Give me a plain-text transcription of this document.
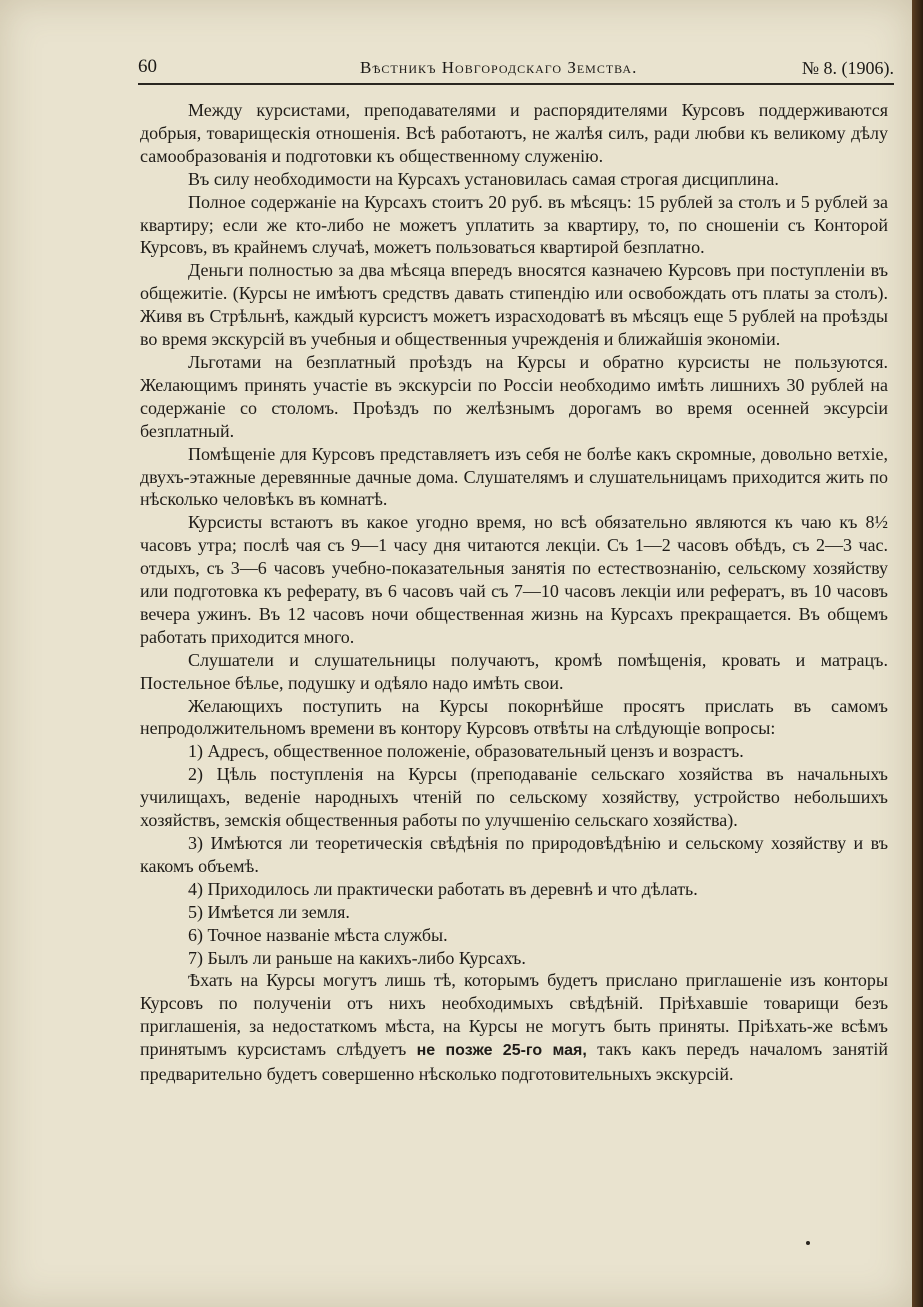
60	Вѣстникъ Новгородскаго Земства.	№ 8. (1906).

Между курсистами, преподавателями и распорядителями Курсовъ поддерживаются добрыя, товарищескія отношенія. Всѣ работаютъ, не жалѣя силъ, ради любви къ великому дѣлу самообразованія и подготовки къ общественному служенію.

Въ силу необходимости на Курсахъ установилась самая строгая дисциплина.

Полное содержаніе на Курсахъ стоитъ 20 руб. въ мѣсяцъ: 15 рублей за столъ и 5 рублей за квартиру; если же кто-либо не можетъ уплатить за квартиру, то, по сношеніи съ Конторой Курсовъ, въ крайнемъ случаѣ, можетъ пользоваться квартирой безплатно.

Деньги полностью за два мѣсяца впередъ вносятся казначею Курсовъ при поступленіи въ общежитіе. (Курсы не имѣютъ средствъ давать стипендію или освобождать отъ платы за столъ). Живя въ Стрѣльнѣ, каждый курсистъ можетъ израсходоватѣ въ мѣсяцъ еще 5 рублей на проѣзды во время экскурсій въ учебныя и общественныя учрежденія и ближайшія экономіи.

Льготами на безплатный проѣздъ на Курсы и обратно курсисты не пользуются. Желающимъ принять участіе въ экскурсіи по Россіи необходимо имѣть лишнихъ 30 рублей на содержаніе со столомъ. Проѣздъ по желѣзнымъ дорогамъ во время осенней эксурсіи безплатный.

Помѣщеніе для Курсовъ представляетъ изъ себя не болѣе какъ скромные, довольно ветхіе, двухъ-этажные деревянные дачные дома. Слушателямъ и слушательницамъ приходится жить по нѣсколько человѣкъ въ комнатѣ.

Курсисты встаютъ въ какое угодно время, но всѣ обязательно являются къ чаю къ 8½ часовъ утра; послѣ чая съ 9—1 часу дня читаются лекціи. Съ 1—2 часовъ обѣдъ, съ 2—3 час. отдыхъ, съ 3—6 часовъ учебно-показательныя занятія по естествознанію, сельскому хозяйству или подготовка къ реферату, въ 6 часовъ чай съ 7—10 часовъ лекціи или рефератъ, въ 10 часовъ вечера ужинъ. Въ 12 часовъ ночи общественная жизнь на Курсахъ прекращается. Въ общемъ работать приходится много.

Слушатели и слушательницы получаютъ, кромѣ помѣщенія, кровать и матрацъ. Постельное бѣлье, подушку и одѣяло надо имѣть свои.

Желающихъ поступить на Курсы покорнѣйше просятъ прислать въ самомъ непродолжительномъ времени въ контору Курсовъ отвѣты на слѣдующіе вопросы:

1) Адресъ, общественное положеніе, образовательный цензъ и возрастъ.

2) Цѣль поступленія на Курсы (преподаваніе сельскаго хозяйства въ начальныхъ училищахъ, веденіе народныхъ чтеній по сельскому хозяйству, устройство небольшихъ хозяйствъ, земскія общественныя работы по улучшенію сельскаго хозяйства).

3) Имѣются ли теоретическія свѣдѣнія по природовѣдѣнію и сельскому хозяйству и въ какомъ объемѣ.

4) Приходилось ли практически работать въ деревнѣ и что дѣлать.

5) Имѣется ли земля.

6) Точное названіе мѣста службы.

7) Былъ ли раньше на какихъ-либо Курсахъ.

Ѣхать на Курсы могутъ лишь тѣ, которымъ будетъ прислано приглашеніе изъ конторы Курсовъ по полученіи отъ нихъ необходимыхъ свѣдѣній. Пріѣхавшіе товарищи безъ приглашенія, за недостаткомъ мѣста, на Курсы не могутъ быть приняты. Пріѣхать-же всѣмъ принятымъ курсистамъ слѣдуетъ не позже 25-го мая, такъ какъ передъ началомъ занятій предварительно будетъ совершенно нѣсколько подготовительныхъ экскурсій.
